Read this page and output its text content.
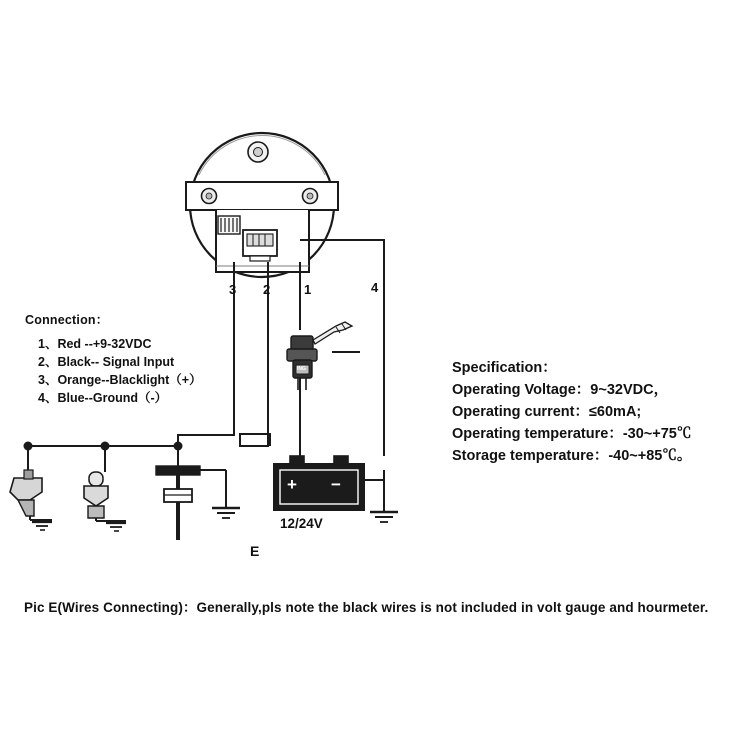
Connection：
1、Red --+9-32VDC
2、Black-- Signal Input
3、Orange--Blacklight（+）
4、Blue--Ground（-）
Specification：
Operating Voltage：9~32VDC，
Operating current：≤60mA;
Operating temperature：-30~+75℃
Storage temperature：-40~+85℃。
3 2	1	4
+ −
12/24V
ING
E
Pic E(Wires Connecting)：Generally,pls note the black wires is not included in volt gauge and hourmeter.
